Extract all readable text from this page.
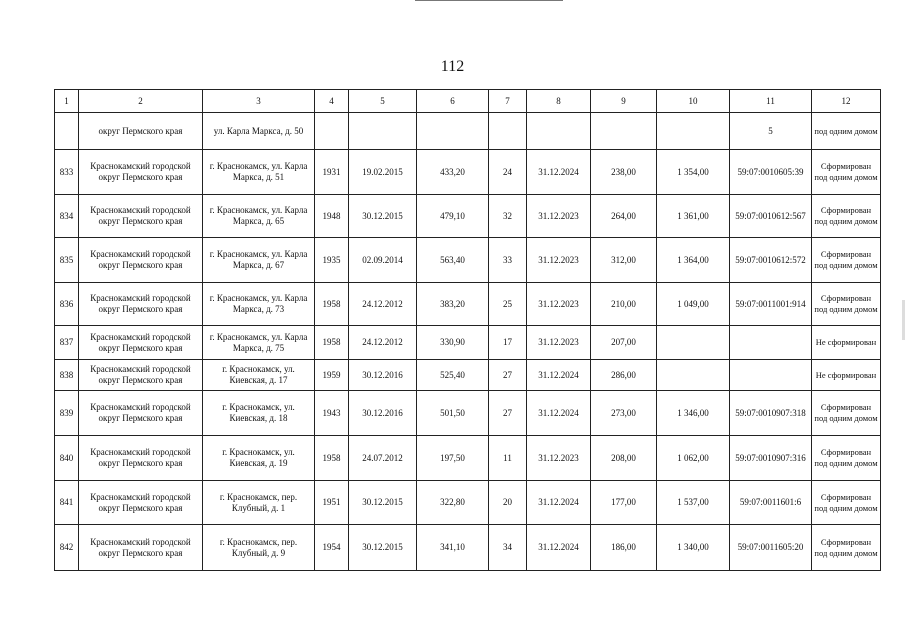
112
1	2	3	4	5	6	7	8	9	10	11	12
	округ Пермского края	ул. Карла Маркса, д. 50								5	под одним домом
833	Краснокамский городской округ Пермского края	г. Краснокамск, ул. Карла Маркса, д. 51	1931	19.02.2015	433,20	24	31.12.2024	238,00	1 354,00	59:07:0010605:39	Сформирован под одним домом
834	Краснокамский городской округ Пермского края	г. Краснокамск, ул. Карла Маркса, д. 65	1948	30.12.2015	479,10	32	31.12.2023	264,00	1 361,00	59:07:0010612:567	Сформирован под одним домом
835	Краснокамский городской округ Пермского края	г. Краснокамск, ул. Карла Маркса, д. 67	1935	02.09.2014	563,40	33	31.12.2023	312,00	1 364,00	59:07:0010612:572	Сформирован под одним домом
836	Краснокамский городской округ Пермского края	г. Краснокамск, ул. Карла Маркса, д. 73	1958	24.12.2012	383,20	25	31.12.2023	210,00	1 049,00	59:07:0011001:914	Сформирован под одним домом
837	Краснокамский городской округ Пермского края	г. Краснокамск, ул. Карла Маркса, д. 75	1958	24.12.2012	330,90	17	31.12.2023	207,00			Не сформирован
838	Краснокамский городской округ Пермского края	г. Краснокамск, ул. Киевская, д. 17	1959	30.12.2016	525,40	27	31.12.2024	286,00			Не сформирован
839	Краснокамский городской округ Пермского края	г. Краснокамск, ул. Киевская, д. 18	1943	30.12.2016	501,50	27	31.12.2024	273,00	1 346,00	59:07:0010907:318	Сформирован под одним домом
840	Краснокамский городской округ Пермского края	г. Краснокамск, ул. Киевская, д. 19	1958	24.07.2012	197,50	11	31.12.2023	208,00	1 062,00	59:07:0010907:316	Сформирован под одним домом
841	Краснокамский городской округ Пермского края	г. Краснокамск, пер. Клубный, д. 1	1951	30.12.2015	322,80	20	31.12.2024	177,00	1 537,00	59:07:0011601:6	Сформирован под одним домом
842	Краснокамский городской округ Пермского края	г. Краснокамск, пер. Клубный, д. 9	1954	30.12.2015	341,10	34	31.12.2024	186,00	1 340,00	59:07:0011605:20	Сформирован под одним домом
